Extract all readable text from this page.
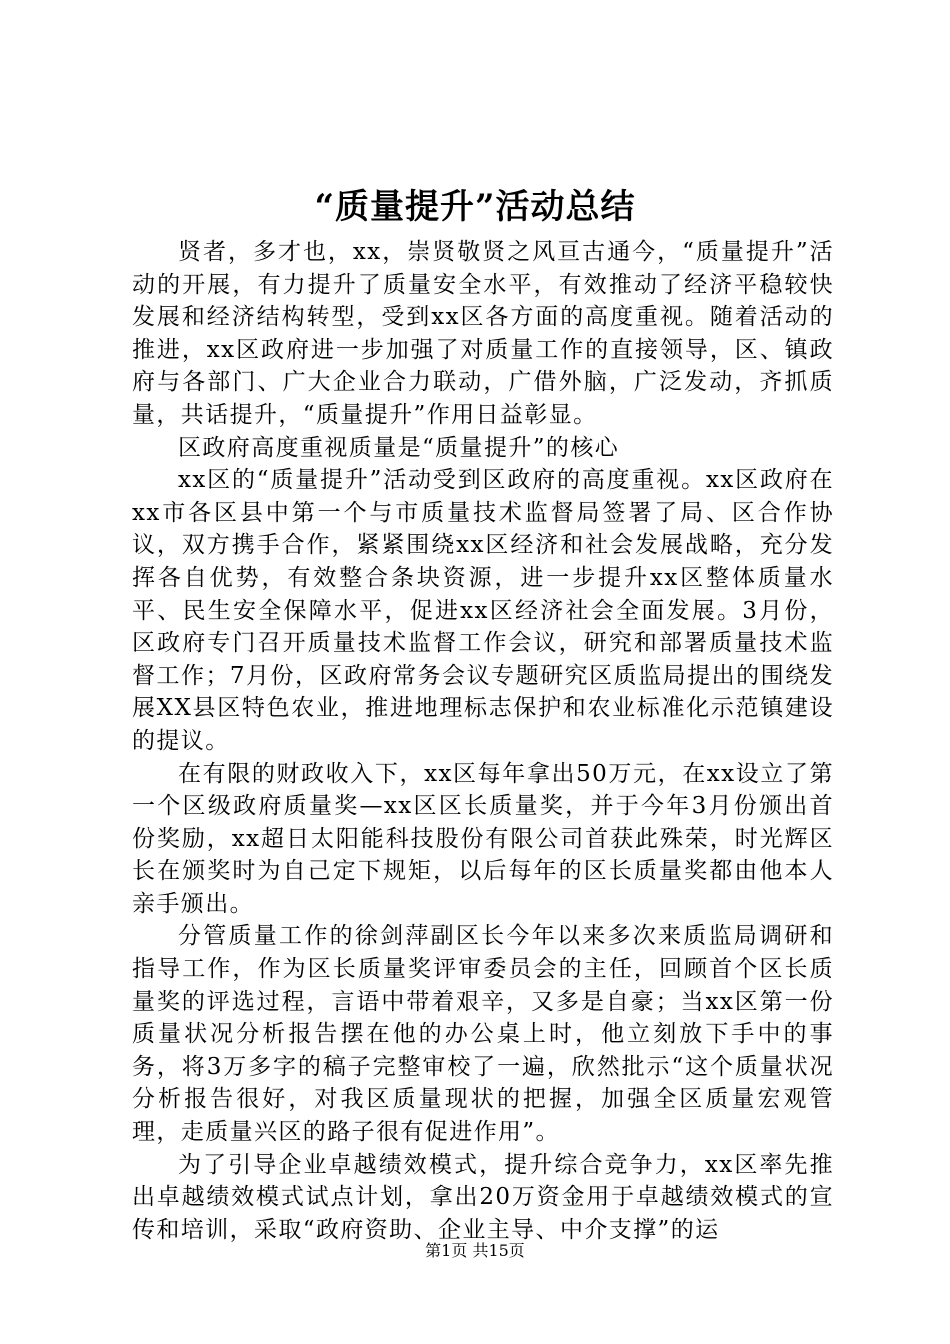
“质量提升”活动总结

贤者，多才也，xx，崇贤敬贤之风亘古通今，“质量提升”活动的开展，有力提升了质量安全水平，有效推动了经济平稳较快发展和经济结构转型，受到xx区各方面的高度重视。随着活动的推进，xx区政府进一步加强了对质量工作的直接领导，区、镇政府与各部门、广大企业合力联动，广借外脑，广泛发动，齐抓质量，共话提升，“质量提升”作用日益彰显。

区政府高度重视质量是“质量提升”的核心

xx区的“质量提升”活动受到区政府的高度重视。xx区政府在xx市各区县中第一个与市质量技术监督局签署了局、区合作协议，双方携手合作，紧紧围绕xx区经济和社会发展战略，充分发挥各自优势，有效整合条块资源，进一步提升xx区整体质量水平、民生安全保障水平，促进xx区经济社会全面发展。3月份，区政府专门召开质量技术监督工作会议，研究和部署质量技术监督工作；7月份，区政府常务会议专题研究区质监局提出的围绕发展XX县区特色农业，推进地理标志保护和农业标准化示范镇建设的提议。

在有限的财政收入下，xx区每年拿出50万元，在xx设立了第一个区级政府质量奖—xx区区长质量奖，并于今年3月份颁出首份奖励，xx超日太阳能科技股份有限公司首获此殊荣，时光辉区长在颁奖时为自己定下规矩，以后每年的区长质量奖都由他本人亲手颁出。

分管质量工作的徐剑萍副区长今年以来多次来质监局调研和指导工作，作为区长质量奖评审委员会的主任，回顾首个区长质量奖的评选过程，言语中带着艰辛，又多是自豪；当xx区第一份质量状况分析报告摆在他的办公桌上时，他立刻放下手中的事务，将3万多字的稿子完整审校了一遍，欣然批示“这个质量状况分析报告很好，对我区质量现状的把握，加强全区质量宏观管理，走质量兴区的路子很有促进作用”。

为了引导企业卓越绩效模式，提升综合竞争力，xx区率先推出卓越绩效模式试点计划，拿出20万资金用于卓越绩效模式的宣传和培训，采取“政府资助、企业主导、中介支撑”的运

第1页 共15页
